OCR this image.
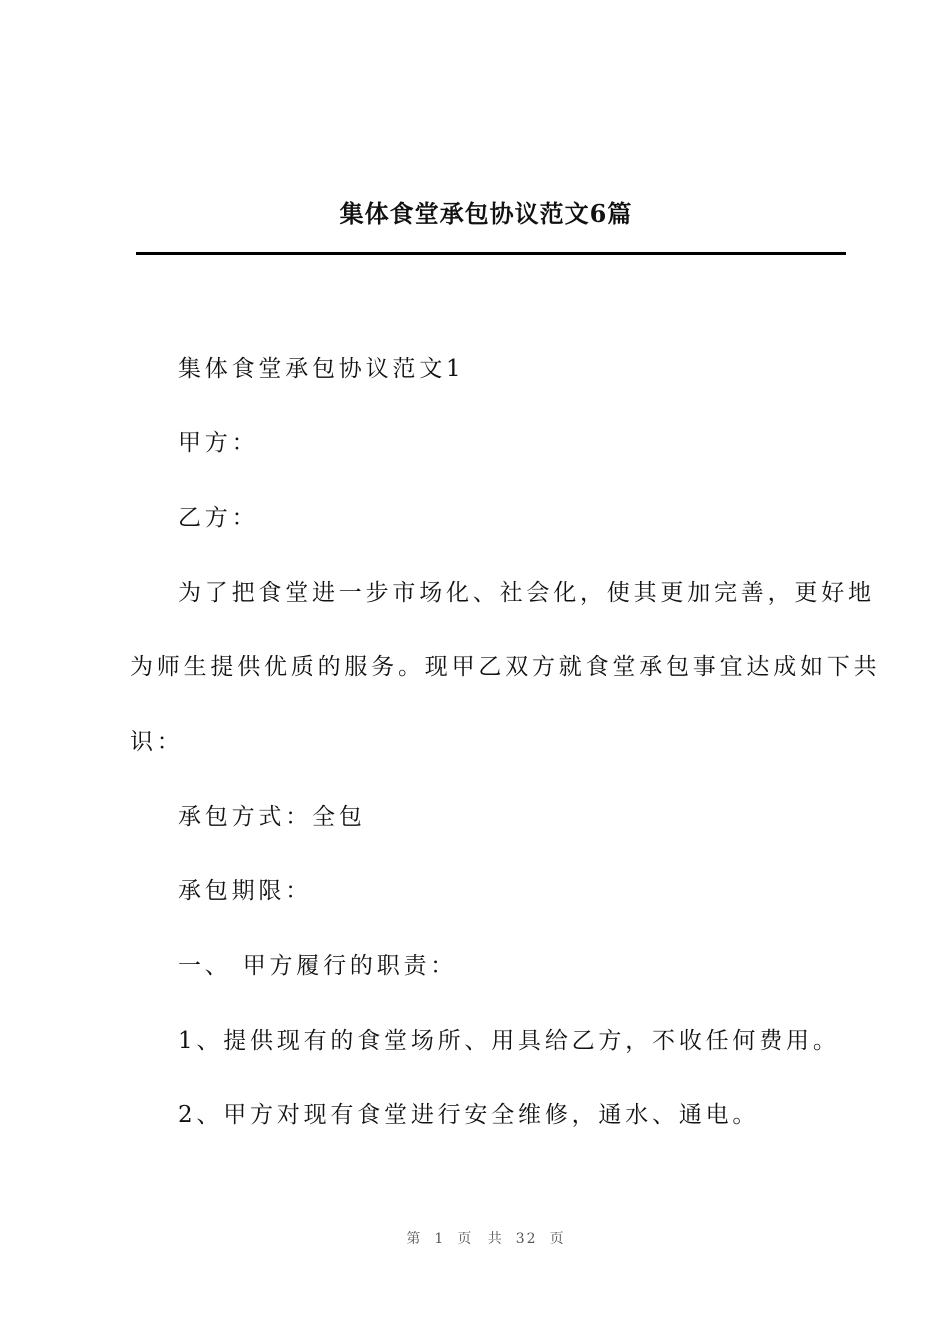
集体食堂承包协议范文6篇

集体食堂承包协议范文1

甲方：

乙方：

为了把食堂进一步市场化、社会化，使其更加完善，更好地

为师生提供优质的服务。现甲乙双方就食堂承包事宜达成如下共

识：

承包方式：全包

承包期限：

一、 甲方履行的职责：

1、提供现有的食堂场所、用具给乙方，不收任何费用。

2、甲方对现有食堂进行安全维修，通水、通电。

第 1 页 共 32 页
